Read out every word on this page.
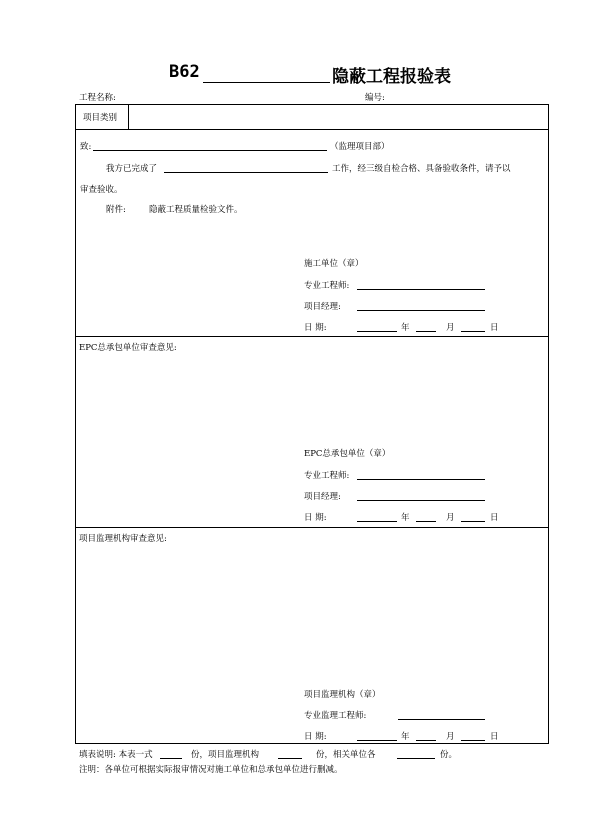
B62	隐蔽工程报验表
工程名称:	编号:
项目类别
致:	（监理项目部）
我方已完成了	工作，经三级自检合格、具备验收条件，请予以
审查验收。
附件:	隐蔽工程质量检验文件。
施工单位（章）
专业工程师:
项目经理:
日 期:	年	月	日
EPC总承包单位审查意见:
EPC总承包单位（章）
专业工程师:
项目经理:
日 期:	年	月	日
项目监理机构审查意见:
项目监理机构（章）
专业监理工程师:
日 期:	年	月	日
填表说明: 本表一式	份，项目监理机构	份，相关单位各	份。
注明：各单位可根据实际报审情况对施工单位和总承包单位进行删减。
